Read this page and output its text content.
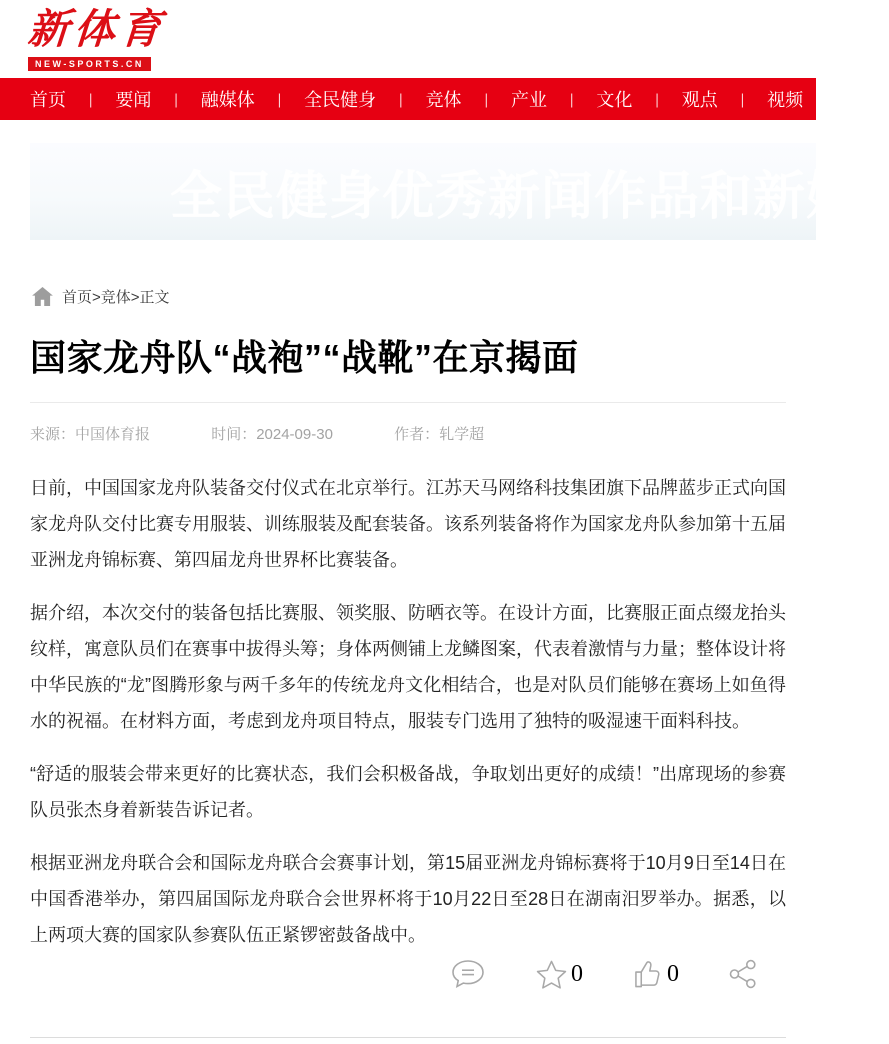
新体育
NEW-SPORTS.CN
首页 | 要闻 | 融媒体 | 全民健身 | 竞体 | 产业 | 文化 | 观点 | 视频 | 直播
全民健身优秀新闻作品和新媒
首页>竞体>正文
国家龙舟队“战袍”“战靴”在京揭面
来源：中国体育报	时间：2024-09-30	作者：轧学超

日前，中国国家龙舟队装备交付仪式在北京举行。江苏天马网络科技集团旗下品牌蓝步正式向国家龙舟队交付比赛专用服装、训练服装及配套装备。该系列装备将作为国家龙舟队参加第十五届亚洲龙舟锦标赛、第四届龙舟世界杯比赛装备。

据介绍，本次交付的装备包括比赛服、领奖服、防晒衣等。在设计方面，比赛服正面点缀龙抬头纹样，寓意队员们在赛事中拔得头筹；身体两侧铺上龙鳞图案，代表着激情与力量；整体设计将中华民族的“龙”图腾形象与两千多年的传统龙舟文化相结合，也是对队员们能够在赛场上如鱼得水的祝福。在材料方面，考虑到龙舟项目特点，服装专门选用了独特的吸湿速干面料科技。

“舒适的服装会带来更好的比赛状态，我们会积极备战，争取划出更好的成绩！”出席现场的参赛队员张杰身着新装告诉记者。

根据亚洲龙舟联合会和国际龙舟联合会赛事计划，第15届亚洲龙舟锦标赛将于10月9日至14日在中国香港举办，第四届国际龙舟联合会世界杯将于10月22日至28日在湖南汨罗举办。据悉，以上两项大赛的国家队参赛队伍正紧锣密鼓备战中。

0	0
